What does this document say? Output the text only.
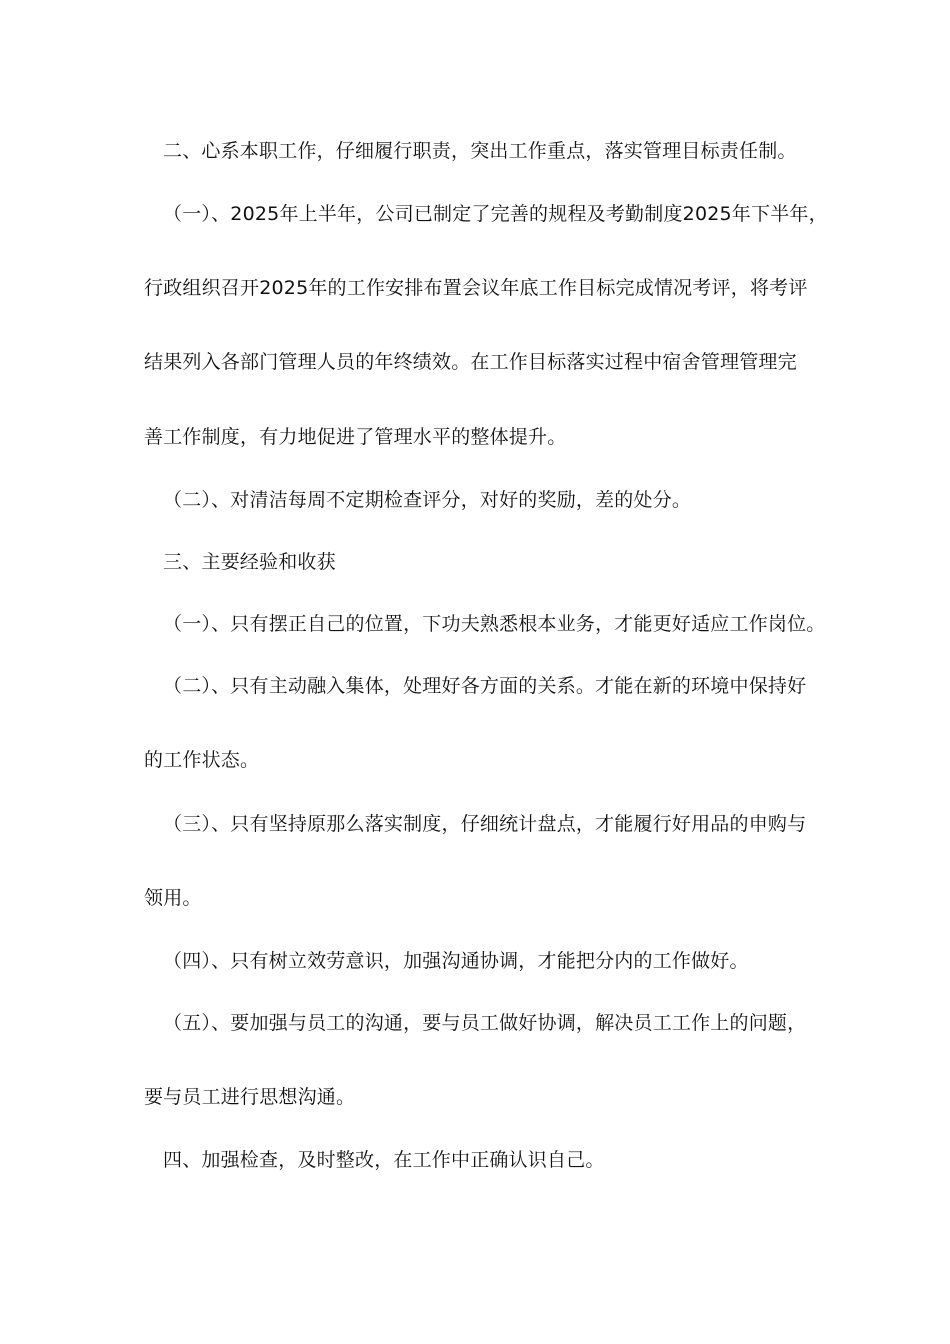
二、心系本职工作，仔细履行职责，突出工作重点，落实管理目标责任制。
（一）、2025年上半年，公司已制定了完善的规程及考勤制度2025年下半年，
行政组织召开2025年的工作安排布置会议年底工作目标完成情况考评，将考评
结果列入各部门管理人员的年终绩效。在工作目标落实过程中宿舍管理管理完
善工作制度，有力地促进了管理水平的整体提升。
（二）、对清洁每周不定期检查评分，对好的奖励，差的处分。
三、主要经验和收获
（一）、只有摆正自己的位置，下功夫熟悉根本业务，才能更好适应工作岗位。
（二）、只有主动融入集体，处理好各方面的关系。才能在新的环境中保持好
的工作状态。
（三）、只有坚持原那么落实制度，仔细统计盘点，才能履行好用品的申购与
领用。
（四）、只有树立效劳意识，加强沟通协调，才能把分内的工作做好。
（五）、要加强与员工的沟通，要与员工做好协调，解决员工工作上的问题，
要与员工进行思想沟通。
四、加强检查，及时整改，在工作中正确认识自己。
